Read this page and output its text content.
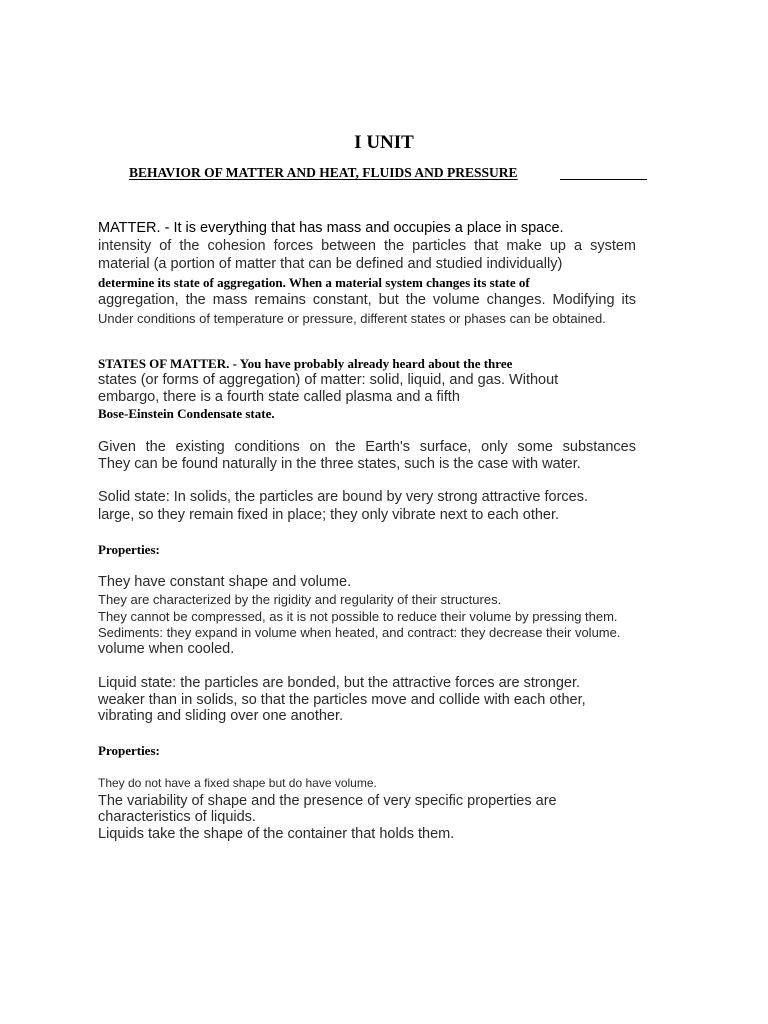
I UNIT
BEHAVIOR OF MATTER AND HEAT, FLUIDS AND PRESSURE
MATTER. - It is everything that has mass and occupies a place in space.
intensity of the cohesion forces between the particles that make up a system
material (a portion of matter that can be defined and studied individually)
determine its state of aggregation. When a material system changes its state of
aggregation, the mass remains constant, but the volume changes. Modifying its
Under conditions of temperature or pressure, different states or phases can be obtained.
STATES OF MATTER. - You have probably already heard about the three
states (or forms of aggregation) of matter: solid, liquid, and gas. Without
embargo, there is a fourth state called plasma and a fifth
Bose-Einstein Condensate state.
Given the existing conditions on the Earth's surface, only some substances
They can be found naturally in the three states, such is the case with water.
Solid state: In solids, the particles are bound by very strong attractive forces.
large, so they remain fixed in place; they only vibrate next to each other.
Properties:
They have constant shape and volume.
They are characterized by the rigidity and regularity of their structures.
They cannot be compressed, as it is not possible to reduce their volume by pressing them.
Sediments: they expand in volume when heated, and contract: they decrease their volume.
volume when cooled.
Liquid state: the particles are bonded, but the attractive forces are stronger.
weaker than in solids, so that the particles move and collide with each other,
vibrating and sliding over one another.
Properties:
They do not have a fixed shape but do have volume.
The variability of shape and the presence of very specific properties are
characteristics of liquids.
Liquids take the shape of the container that holds them.
